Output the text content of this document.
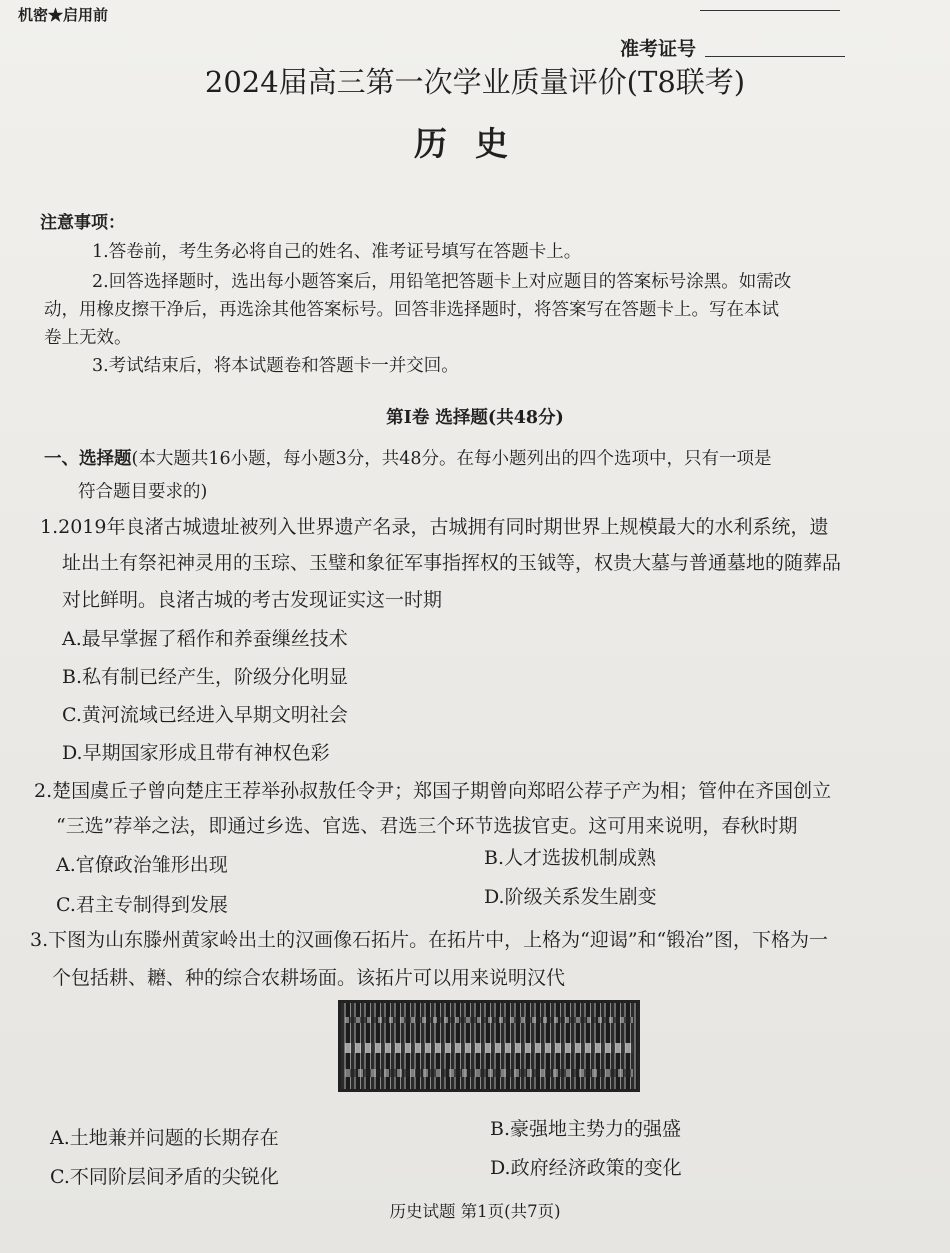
机密★启用前
准考证号
2024届高三第一次学业质量评价(T8联考)
历史
注意事项：
1.答卷前，考生务必将自己的姓名、准考证号填写在答题卡上。
2.回答选择题时，选出每小题答案后，用铅笔把答题卡上对应题目的答案标号涂黑。如需改
动，用橡皮擦干净后，再选涂其他答案标号。回答非选择题时，将答案写在答题卡上。写在本试
卷上无效。
3.考试结束后，将本试题卷和答题卡一并交回。
第Ⅰ卷 选择题(共48分)
一、选择题(本大题共16小题，每小题3分，共48分。在每小题列出的四个选项中，只有一项是
符合题目要求的)
1.2019年良渚古城遗址被列入世界遗产名录，古城拥有同时期世界上规模最大的水利系统，遗
址出土有祭祀神灵用的玉琮、玉璧和象征军事指挥权的玉钺等，权贵大墓与普通墓地的随葬品
对比鲜明。良渚古城的考古发现证实这一时期
A.最早掌握了稻作和养蚕缫丝技术
B.私有制已经产生，阶级分化明显
C.黄河流域已经进入早期文明社会
D.早期国家形成且带有神权色彩
2.楚国虞丘子曾向楚庄王荐举孙叔敖任令尹；郑国子期曾向郑昭公荐子产为相；管仲在齐国创立
“三选”荐举之法，即通过乡选、官选、君选三个环节选拔官吏。这可用来说明，春秋时期
A.官僚政治雏形出现	B.人才选拔机制成熟
C.君主专制得到发展	D.阶级关系发生剧变
3.下图为山东滕州黄家岭出土的汉画像石拓片。在拓片中，上格为“迎谒”和“锻冶”图，下格为一
个包括耕、耱、种的综合农耕场面。该拓片可以用来说明汉代
A.土地兼并问题的长期存在	B.豪强地主势力的强盛
C.不同阶层间矛盾的尖锐化	D.政府经济政策的变化
历史试题 第1页(共7页)
